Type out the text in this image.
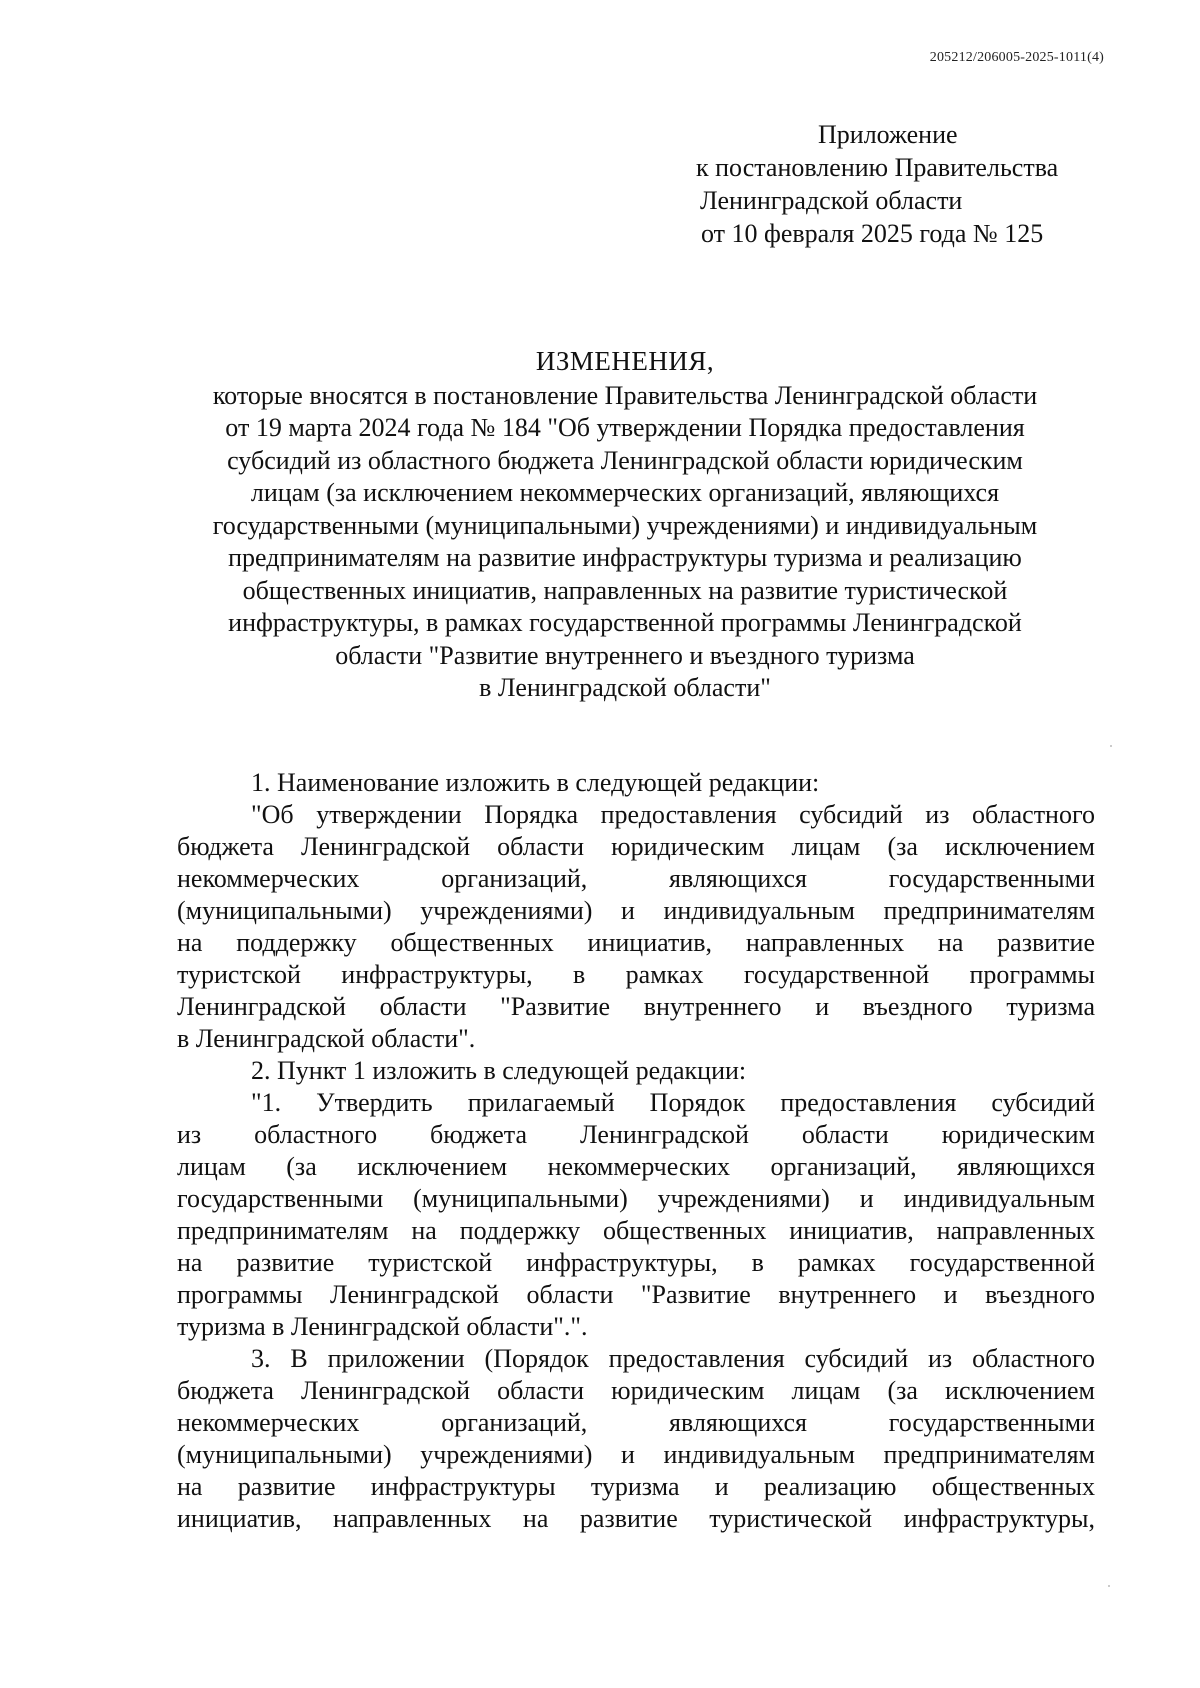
205212/206005-2025-1011(4)
Приложение
к постановлению Правительства
Ленинградской области
от 10 февраля 2025 года № 125
ИЗМЕНЕНИЯ,
которые вносятся в постановление Правительства Ленинградской области
от 19 марта 2024 года № 184 "Об утверждении Порядка предоставления
субсидий из областного бюджета Ленинградской области юридическим
лицам (за исключением некоммерческих организаций, являющихся
государственными (муниципальными) учреждениями) и индивидуальным
предпринимателям на развитие инфраструктуры туризма и реализацию
общественных инициатив, направленных на развитие туристической
инфраструктуры, в рамках государственной программы Ленинградской
области "Развитие внутреннего и въездного туризма
в Ленинградской области"
1. Наименование изложить в следующей редакции:
"Об утверждении Порядка предоставления субсидий из областного
бюджета Ленинградской области юридическим лицам (за исключением
некоммерческих организаций, являющихся государственными
(муниципальными) учреждениями) и индивидуальным предпринимателям
на поддержку общественных инициатив, направленных на развитие
туристской инфраструктуры, в рамках государственной программы
Ленинградской области "Развитие внутреннего и въездного туризма
в Ленинградской области".
2. Пункт 1 изложить в следующей редакции:
"1. Утвердить прилагаемый Порядок предоставления субсидий
из областного бюджета Ленинградской области юридическим
лицам (за исключением некоммерческих организаций, являющихся
государственными (муниципальными) учреждениями) и индивидуальным
предпринимателям на поддержку общественных инициатив, направленных
на развитие туристской инфраструктуры, в рамках государственной
программы Ленинградской области "Развитие внутреннего и въездного
туризма в Ленинградской области".".
3. В приложении (Порядок предоставления субсидий из областного
бюджета Ленинградской области юридическим лицам (за исключением
некоммерческих организаций, являющихся государственными
(муниципальными) учреждениями) и индивидуальным предпринимателям
на развитие инфраструктуры туризма и реализацию общественных
инициатив, направленных на развитие туристической инфраструктуры,
